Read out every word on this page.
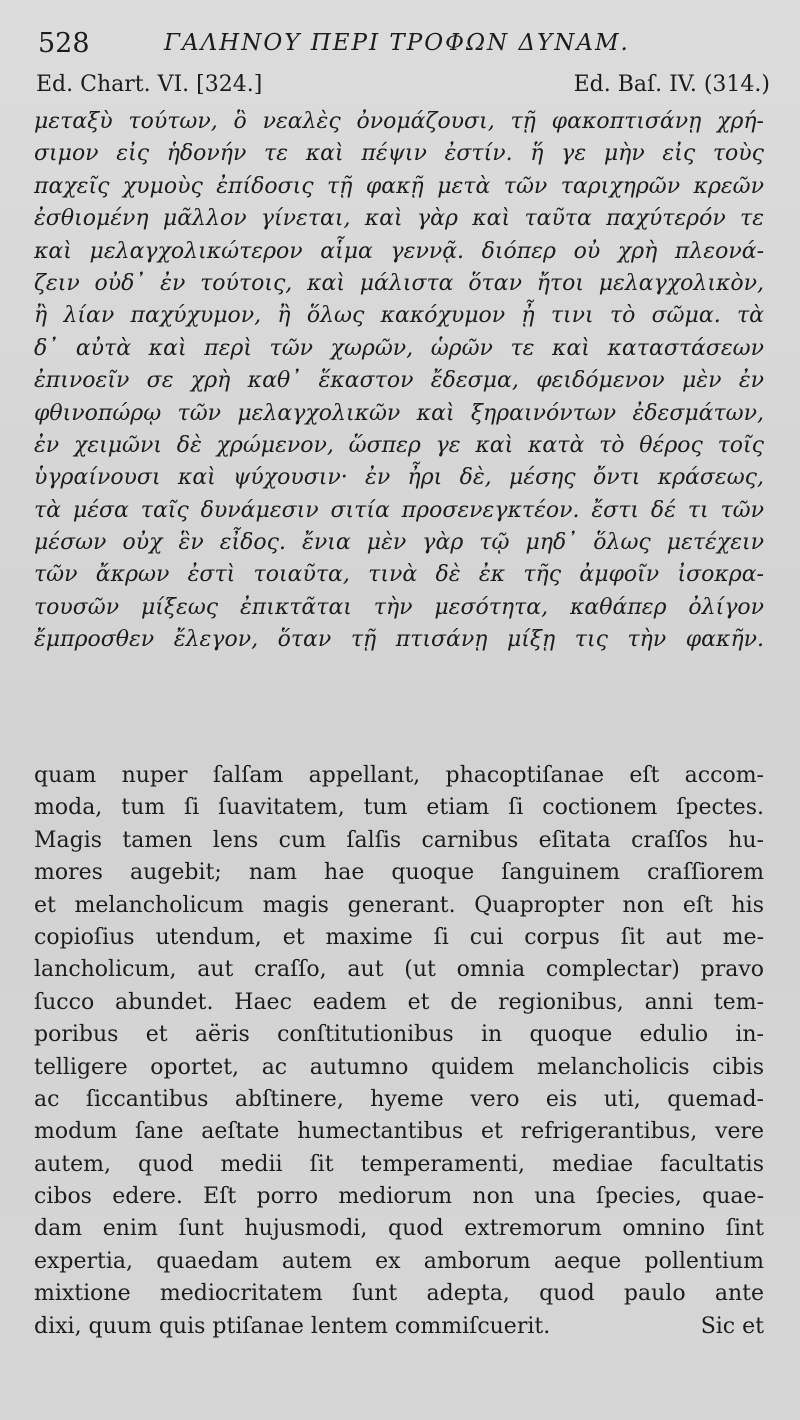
528	ΓΑΛΗΝΟΥ ΠΕΡΙ ΤΡΟΦΩΝ ΔΥΝΑΜ.
Ed. Chart. VI. [324.]	Ed. Baſ. IV. (314.)
μεταξὺ τούτων, ὃ νεαλὲς ὀνομάζουσι, τῇ φακοπτισάνῃ χρή-
σιμον εἰς ἡδονήν τε καὶ πέψιν ἐστίν. ἥ γε μὴν εἰς τοὺς
παχεῖς χυμοὺς ἐπίδοσις τῇ φακῇ μετὰ τῶν ταριχηρῶν κρεῶν
ἐσθιομένη μᾶλλον γίνεται, καὶ γὰρ καὶ ταῦτα παχύτερόν τε
καὶ μελαγχολικώτερον αἷμα γεννᾷ. διόπερ οὐ χρὴ πλεονά-
ζειν οὐδ᾽ ἐν τούτοις, καὶ μάλιστα ὅταν ἤτοι μελαγχολικὸν,
ἢ λίαν παχύχυμον, ἢ ὅλως κακόχυμον ᾖ τινι τὸ σῶμα. τὰ
δ᾽ αὐτὰ καὶ περὶ τῶν χωρῶν, ὡρῶν τε καὶ καταστάσεων
ἐπινοεῖν σε χρὴ καθ᾽ ἕκαστον ἔδεσμα, φειδόμενον μὲν ἐν
φθινοπώρῳ τῶν μελαγχολικῶν καὶ ξηραινόντων ἐδεσμάτων,
ἐν χειμῶνι δὲ χρώμενον, ὥσπερ γε καὶ κατὰ τὸ θέρος τοῖς
ὑγραίνουσι καὶ ψύχουσιν· ἐν ἦρι δὲ, μέσης ὄντι κράσεως,
τὰ μέσα ταῖς δυνάμεσιν σιτία προσενεγκτέον. ἔστι δέ τι τῶν
μέσων οὐχ ἓν εἶδος. ἔνια μὲν γὰρ τῷ μηδ᾽ ὅλως μετέχειν
τῶν ἄκρων ἐστὶ τοιαῦτα, τινὰ δὲ ἐκ τῆς ἀμφοῖν ἰσοκρα-
τουσῶν μίξεως ἐπικτᾶται τὴν μεσότητα, καθάπερ ὀλίγον
ἔμπροσθεν ἔλεγον, ὅταν τῇ πτισάνῃ μίξῃ τις τὴν φακῆν.
quam nuper ſalſam appellant, phacoptiſanae eſt accom-
moda, tum ſi ſuavitatem, tum etiam ſi coctionem ſpectes.
Magis tamen lens cum ſalſis carnibus eſitata craſſos hu-
mores augebit; nam hae quoque ſanguinem craſſiorem
et melancholicum magis generant. Quapropter non eſt his
copioſius utendum, et maxime ſi cui corpus ſit aut me-
lancholicum, aut craſſo, aut (ut omnia complectar) pravo
ſucco abundet. Haec eadem et de regionibus, anni tem-
poribus et aëris conſtitutionibus in quoque edulio in-
telligere oportet, ac autumno quidem melancholicis cibis
ac ſiccantibus abſtinere, hyeme vero eis uti, quemad-
modum ſane aeſtate humectantibus et refrigerantibus, vere
autem, quod medii ſit temperamenti, mediae facultatis
cibos edere. Eſt porro mediorum non una ſpecies, quae-
dam enim ſunt hujusmodi, quod extremorum omnino ſint
expertia, quaedam autem ex amborum aeque pollentium
mixtione mediocritatem ſunt adepta, quod paulo ante
Sic et
dixi, quum quis ptiſanae lentem commiſcuerit.
